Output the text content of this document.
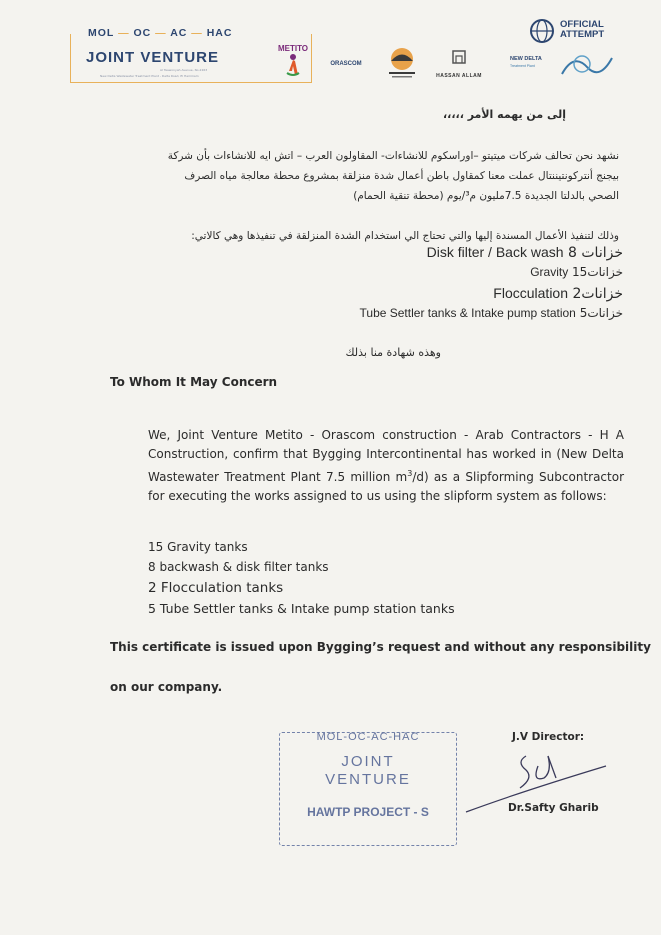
MOL — OC — AC — HAC
JOINT VENTURE
Al Taawonyah Avenue, No.2263
New Delta Wastewater Treatment Plant - Delta Road, El Hammam
METITO
ORASCOM
HASSAN ALLAM
NEW DELTA
Treatment Plant
OFFICIAL ATTEMPT
إلى من يهمه الأمر ،،،،،
نشهد نحن تحالف شركات ميتيتو –اوراسكوم للانشاءات- المقاولون العرب – اتش ايه للانشاءات بأن شركة
بيجنج أنتركونتيننتال عملت معنا كمقاول باطن أعمال شدة منزلقة بمشروع محطة معالجة مياه الصرف
الصحي بالدلتا الجديدة 7.5مليون م³/يوم (محطة تنقية الحمام)
وذلك لتنفيذ الأعمال المسندة إليها والتي تحتاج الي استخدام الشدة المنزلقة في تنفيذها وهي كالاتي:
Disk filter / Back wash خزانات 8
Gravity خزانات15
Flocculation خزانات2
Tube Settler tanks & Intake pump station خزانات5
وهذه شهادة منا بذلك
To Whom It May Concern
We, Joint Venture Metito - Orascom construction - Arab Contractors - H A Construction, confirm that Bygging Intercontinental has worked in (New Delta Wastewater Treatment Plant 7.5 million $m^3/d$) as a Slipforming Subcontractor for executing the works assigned to us using the slipform system as follows:
15 Gravity tanks
8 backwash & disk filter tanks
2 Flocculation tanks
5 Tube Settler tanks & Intake pump station tanks
This certificate is issued upon Bygging’s request and without any responsibility
on our company.
MOL-OC-AC-HAC
JOINT
VENTURE
HAWTP PROJECT - S
J.V Director:
Dr.Safty Gharib
